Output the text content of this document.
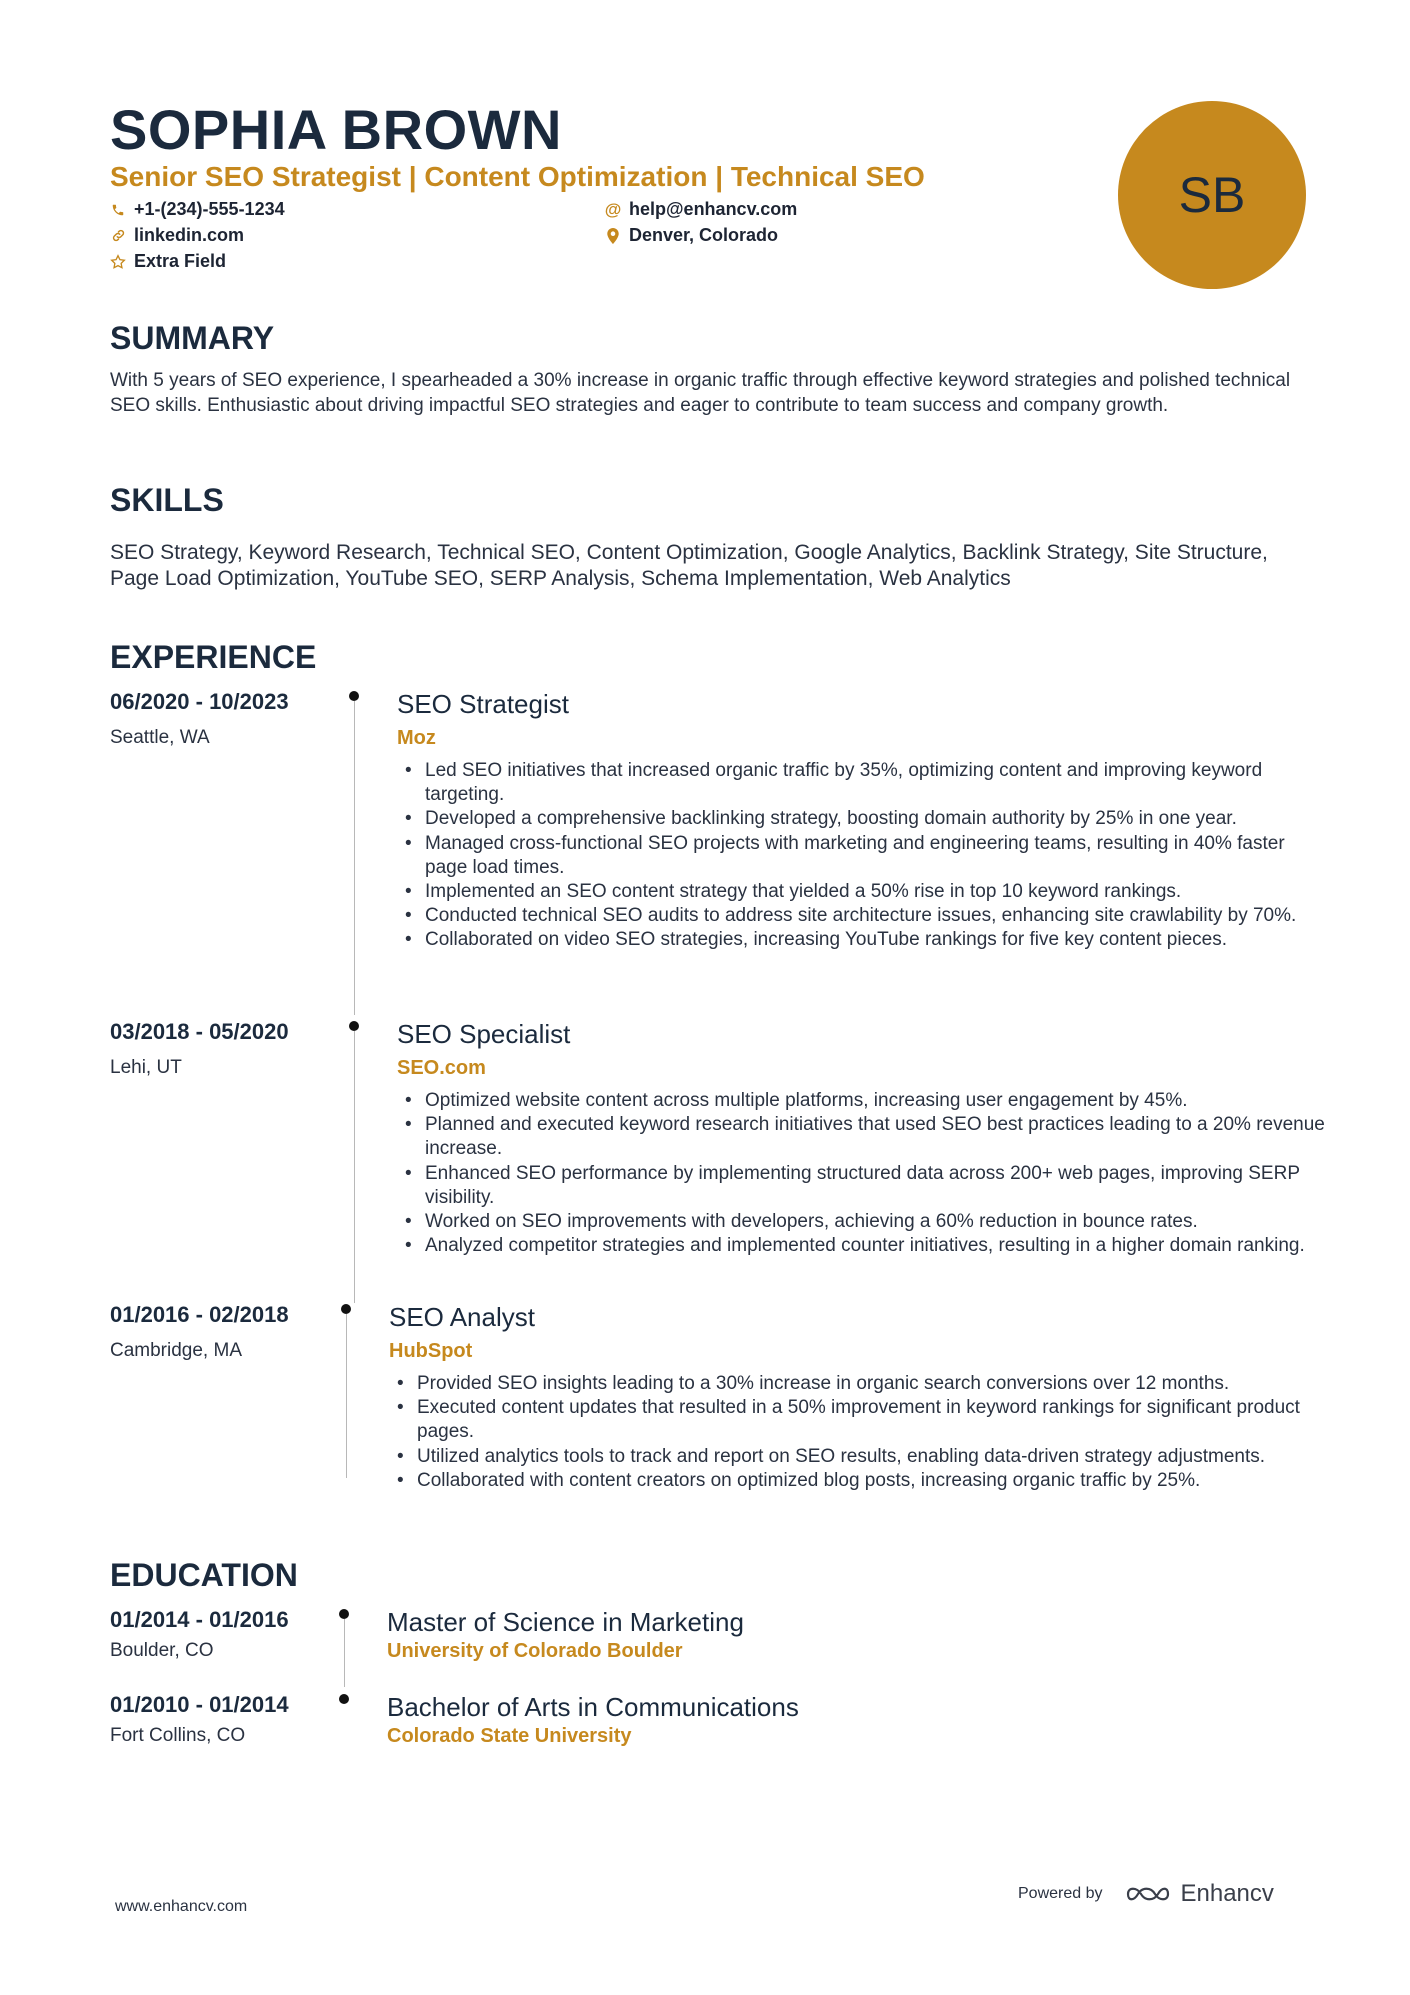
SOPHIA BROWN

Senior SEO Strategist | Content Optimization | Technical SEO

+1-(234)-555-1234	@ help@enhancv.com
linkedin.com	Denver, Colorado
Extra Field
SB
SUMMARY

With 5 years of SEO experience, I spearheaded a 30% increase in organic traffic through effective keyword strategies and polished technical SEO skills. Enthusiastic about driving impactful SEO strategies and eager to contribute to team success and company growth.

SKILLS

SEO Strategy, Keyword Research, Technical SEO, Content Optimization, Google Analytics, Backlink Strategy, Site Structure, Page Load Optimization, YouTube SEO, SERP Analysis, Schema Implementation, Web Analytics

EXPERIENCE
06/2020 - 10/2023
Seattle, WA
SEO Strategist
Moz
• Led SEO initiatives that increased organic traffic by 35%, optimizing content and improving keyword targeting.
• Developed a comprehensive backlinking strategy, boosting domain authority by 25% in one year.
• Managed cross-functional SEO projects with marketing and engineering teams, resulting in 40% faster page load times.
• Implemented an SEO content strategy that yielded a 50% rise in top 10 keyword rankings.
• Conducted technical SEO audits to address site architecture issues, enhancing site crawlability by 70%.
• Collaborated on video SEO strategies, increasing YouTube rankings for five key content pieces.
03/2018 - 05/2020
Lehi, UT
SEO Specialist
SEO.com
• Optimized website content across multiple platforms, increasing user engagement by 45%.
• Planned and executed keyword research initiatives that used SEO best practices leading to a 20% revenue increase.
• Enhanced SEO performance by implementing structured data across 200+ web pages, improving SERP visibility.
• Worked on SEO improvements with developers, achieving a 60% reduction in bounce rates.
• Analyzed competitor strategies and implemented counter initiatives, resulting in a higher domain ranking.
01/2016 - 02/2018
Cambridge, MA
SEO Analyst
HubSpot
• Provided SEO insights leading to a 30% increase in organic search conversions over 12 months.
• Executed content updates that resulted in a 50% improvement in keyword rankings for significant product pages.
• Utilized analytics tools to track and report on SEO results, enabling data-driven strategy adjustments.
• Collaborated with content creators on optimized blog posts, increasing organic traffic by 25%.
EDUCATION
01/2014 - 01/2016
Boulder, CO
Master of Science in Marketing
University of Colorado Boulder
01/2010 - 01/2014
Fort Collins, CO
Bachelor of Arts in Communications
Colorado State University
www.enhancv.com
Powered by	Enhancv
